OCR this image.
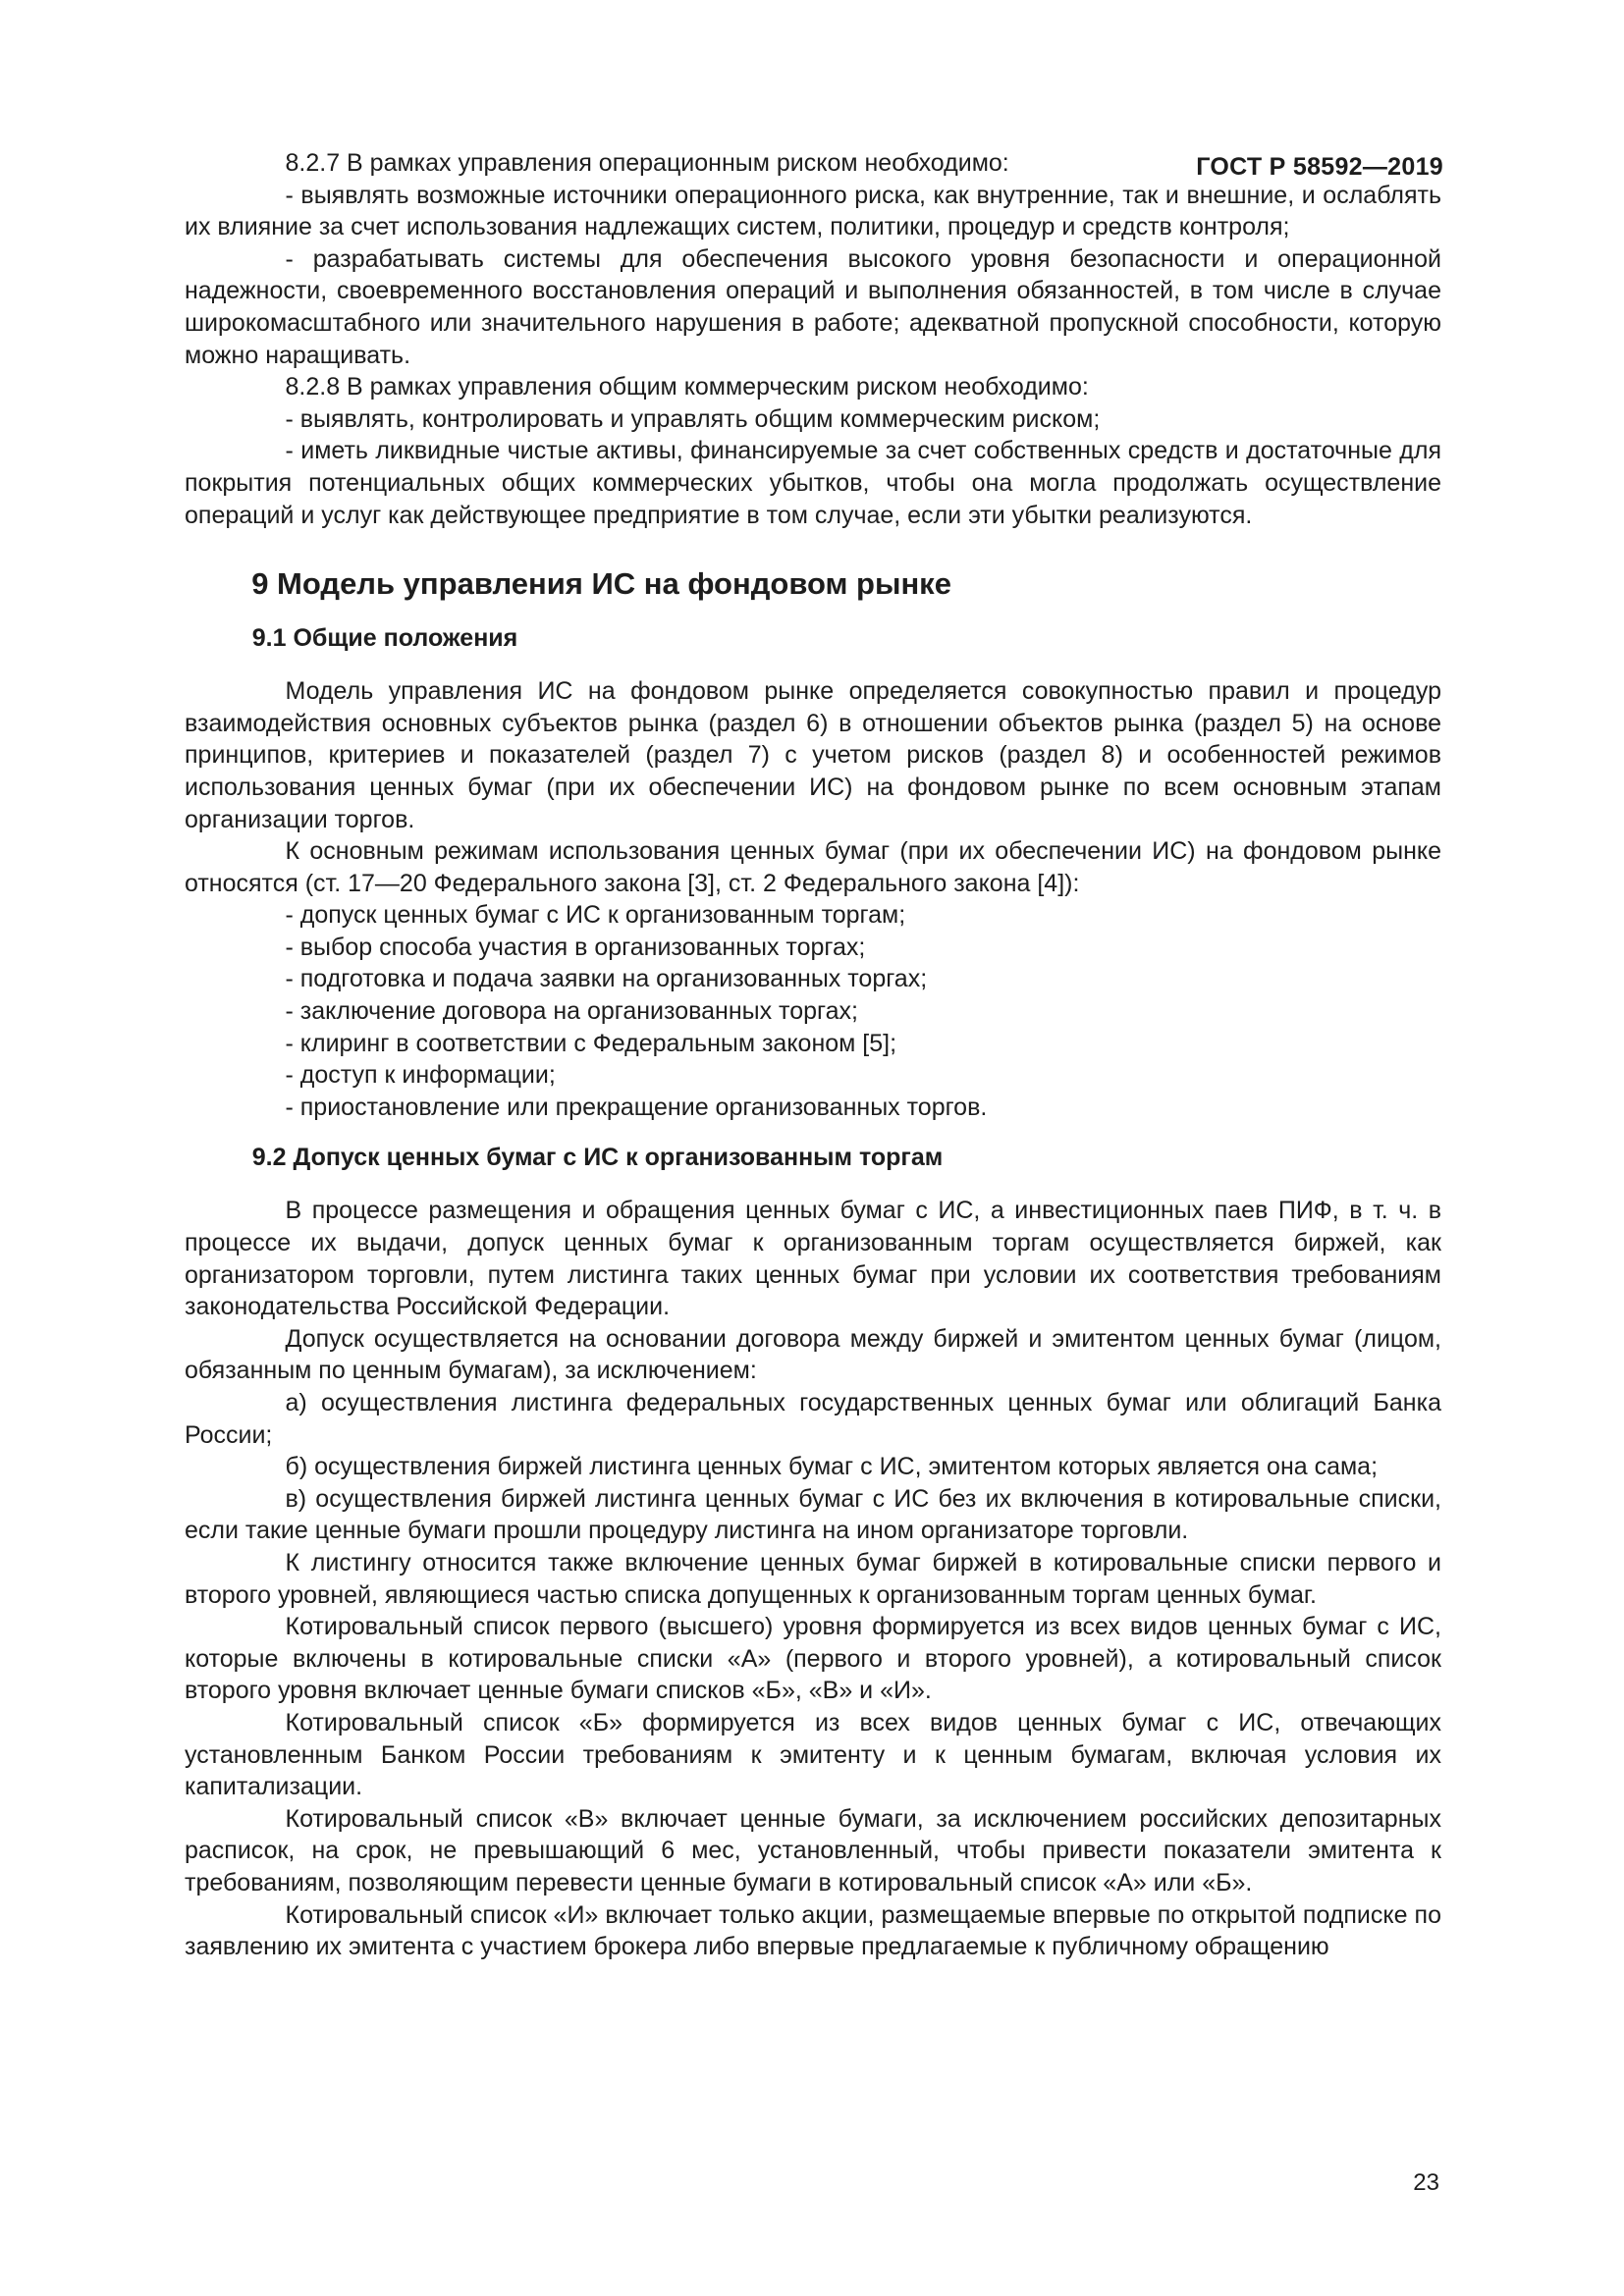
ГОСТ Р 58592—2019

8.2.7 В рамках управления операционным риском необходимо:

- выявлять возможные источники операционного риска, как внутренние, так и внешние, и ослаблять их влияние за счет использования надлежащих систем, политики, процедур и средств контроля;

- разрабатывать системы для обеспечения высокого уровня безопасности и операционной надежности, своевременного восстановления операций и выполнения обязанностей, в том числе в случае широкомасштабного или значительного нарушения в работе; адекватной пропускной способности, которую можно наращивать.

8.2.8 В рамках управления общим коммерческим риском необходимо:

- выявлять, контролировать и управлять общим коммерческим риском;

- иметь ликвидные чистые активы, финансируемые за счет собственных средств и достаточные для покрытия потенциальных общих коммерческих убытков, чтобы она могла продолжать осуществление операций и услуг как действующее предприятие в том случае, если эти убытки реализуются.

9 Модель управления ИС на фондовом рынке
9.1 Общие положения

Модель управления ИС на фондовом рынке определяется совокупностью правил и процедур взаимодействия основных субъектов рынка (раздел 6) в отношении объектов рынка (раздел 5) на основе принципов, критериев и показателей (раздел 7) с учетом рисков (раздел 8) и особенностей режимов использования ценных бумаг (при их обеспечении ИС) на фондовом рынке по всем основным этапам организации торгов.

К основным режимам использования ценных бумаг (при их обеспечении ИС) на фондовом рынке относятся (ст. 17—20 Федерального закона [3], ст. 2 Федерального закона [4]):

- допуск ценных бумаг с ИС к организованным торгам;

- выбор способа участия в организованных торгах;

- подготовка и подача заявки на организованных торгах;

- заключение договора на организованных торгах;

- клиринг в соответствии с Федеральным законом [5];

- доступ к информации;

- приостановление или прекращение организованных торгов.

9.2 Допуск ценных бумаг с ИС к организованным торгам

В процессе размещения и обращения ценных бумаг с ИС, а инвестиционных паев ПИФ, в т. ч. в процессе их выдачи, допуск ценных бумаг к организованным торгам осуществляется биржей, как организатором торговли, путем листинга таких ценных бумаг при условии их соответствия требованиям законодательства Российской Федерации.

Допуск осуществляется на основании договора между биржей и эмитентом ценных бумаг (лицом, обязанным по ценным бумагам), за исключением:

а) осуществления листинга федеральных государственных ценных бумаг или облигаций Банка России;

б) осуществления биржей листинга ценных бумаг с ИС, эмитентом которых является она сама;

в) осуществления биржей листинга ценных бумаг с ИС без их включения в котировальные списки, если такие ценные бумаги прошли процедуру листинга на ином организаторе торговли.

К листингу относится также включение ценных бумаг биржей в котировальные списки первого и второго уровней, являющиеся частью списка допущенных к организованным торгам ценных бумаг.

Котировальный список первого (высшего) уровня формируется из всех видов ценных бумаг с ИС, которые включены в котировальные списки «А» (первого и второго уровней), а котировальный список второго уровня включает ценные бумаги списков «Б», «В» и «И».

Котировальный список «Б» формируется из всех видов ценных бумаг с ИС, отвечающих установленным Банком России требованиям к эмитенту и к ценным бумагам, включая условия их капитализации.

Котировальный список «В» включает ценные бумаги, за исключением российских депозитарных расписок, на срок, не превышающий 6 мес, установленный, чтобы привести показатели эмитента к требованиям, позволяющим перевести ценные бумаги в котировальный список «А» или «Б».

Котировальный список «И» включает только акции, размещаемые впервые по открытой подписке по заявлению их эмитента с участием брокера либо впервые предлагаемые к публичному обращению

23
